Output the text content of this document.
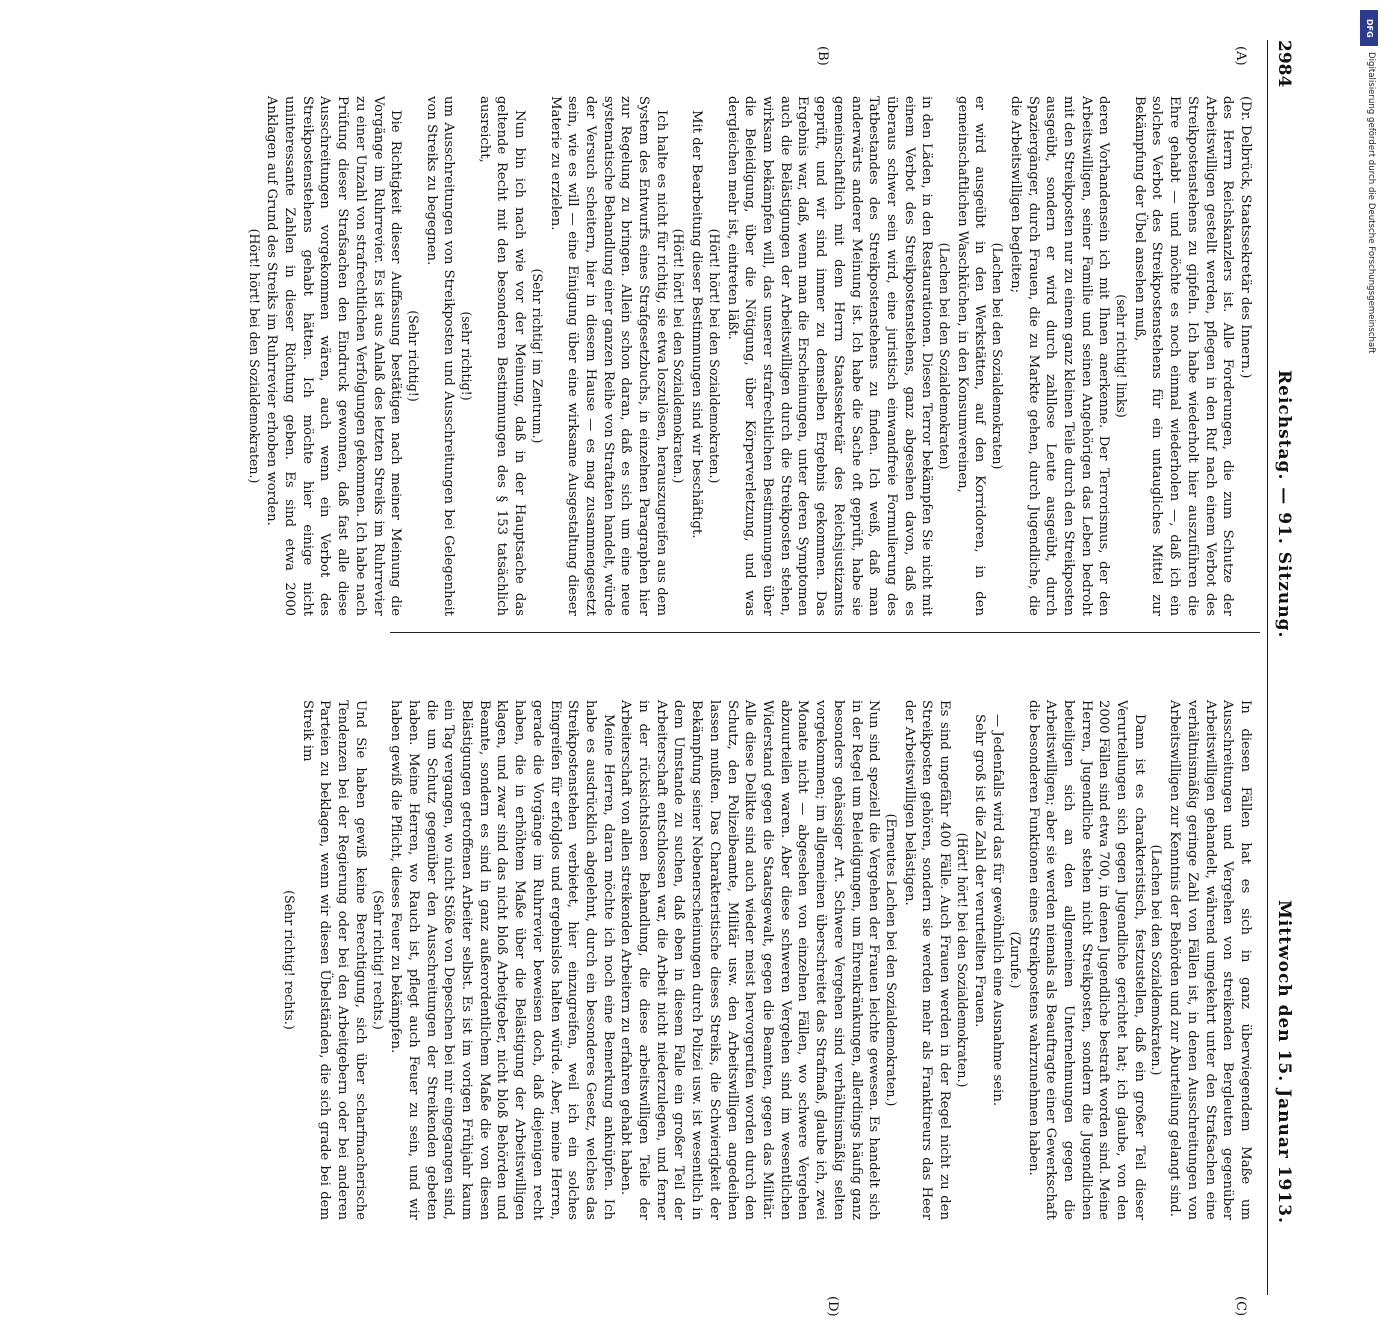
2984
Reichstag. — 91. Sitzung.
Mittwoch den 15. Januar 1913.
(A)
(B)
(C)
(D)

(Dr. Delbrück, Staatssekretär des Innern.)

des Herrn Reichskanzlers ist. Alle Forderungen, die zum Schutze der Arbeitswilligen gestellt werden, pflegen in den Ruf nach einem Verbot des Streikpostenstehens zu gipfeln. Ich habe wiederholt hier auszuführen die Ehre gehabt — und möchte es noch einmal wiederholen —, daß ich ein solches Verbot des Streikpostenstehens für ein untaugliches Mittel zur Bekämpfung der Übel ansehen muß,

(sehr richtig! links)

deren Vorhandensein ich mit Ihnen anerkenne. Der Terrorismus, der den Arbeitswilligen, seiner Familie und seinen Angehörigen das Leben bedroht mit den Streikposten nur zu einem ganz kleinen Teile durch den Streikposten ausgeübt, sondern er wird durch zahllose Leute ausgeübt, durch Spaziergänger, durch Frauen, die zu Markte gehen, durch Jugendliche, die die Arbeitswilligen begleiten;

(Lachen bei den Sozialdemokraten)

er wird ausgeübt in den Werkstätten, auf den Korridoren, in den gemeinschaftlichen Waschküchen, in den Konsumvereinen,

(Lachen bei den Sozialdemokraten)

in den Läden, in den Restaurationen. Diesen Terror bekämpfen Sie nicht mit einem Verbot des Streikpostenstehens, ganz abgesehen davon, daß es überaus schwer sein wird, eine juristisch einwandfreie Formulierung des Tatbestandes des Streikpostenstehens zu finden. Ich weiß, daß man anderwärts anderer Meinung ist. Ich habe die Sache oft geprüft, habe sie gemeinschaftlich mit dem Herrn Staatssekretär des Reichsjustizamts geprüft, und wir sind immer zu demselben Ergebnis gekommen. Das Ergebnis war, daß, wenn man die Erscheinungen, unter deren Symptomen auch die Belästigungen der Arbeitswilligen durch die Streikposten stehen, wirksam bekämpfen will, das unserer strafrechtlichen Bestimmungen über die Beleidigung, über die Nötigung, über Körperverletzung, und was dergleichen mehr ist, eintreten läßt.

(Hört! hört! bei den Sozialdemokraten.)

Mit der Bearbeitung dieser Bestimmungen sind wir beschäftigt.

(Hört! hört! bei den Sozialdemokraten.)

Ich halte es nicht für richtig, sie etwa loszulösen, herauszugreifen aus dem System des Entwurfs eines Strafgesetzbuchs, in einzelnen Paragraphen hier zur Regelung zu bringen. Allein schon daran, daß es sich um eine neue systematische Behandlung einer ganzen Reihe von Straftaten handelt, würde der Versuch scheitern, hier in diesem Hause — es mag zusammengesetzt sein, wie es will — eine Einigung über eine wirksame Ausgestaltung dieser Materie zu erzielen.

(Sehr richtig! im Zentrum.)

Nun bin ich nach wie vor der Meinung, daß in der Hauptsache das geltende Recht mit den besonderen Bestimmungen des § 153 tatsächlich ausreicht,

(sehr richtig!)

um Ausschreitungen von Streikposten und Ausschreitungen bei Gelegenheit von Streiks zu begegnen.

(Sehr richtig!)

Die Richtigkeit dieser Auffassung bestätigen nach meiner Meinung die Vorgänge im Ruhrrevier. Es ist aus Anlaß des letzten Streiks im Ruhrrevier zu einer Unzahl von strafrechtlichen Verfolgungen gekommen. Ich habe nach Prüfung dieser Strafsachen den Eindruck gewonnen, daß fast alle diese Ausschreitungen vorgekommen wären, auch wenn ein Verbot des Streikpostenstehens gehabt hätten. Ich möchte hier einige nicht uninteressante Zahlen in dieser Richtung geben. Es sind etwa 2000 Anklagen auf Grund des Streiks im Ruhrrevier erhoben worden.

(Hört! hört! bei den Sozialdemokraten.)

In diesen Fällen hat es sich in ganz überwiegendem Maße um Ausschreitungen und Vergehen von streikenden Bergleuten gegenüber Arbeitswilligen gehandelt, während umgekehrt unter den Strafsachen eine verhältnismäßig geringe Zahl von Fällen ist, in denen Ausschreitungen von Arbeitswilligen zur Kenntnis der Behörden und zur Aburteilung gelangt sind.

(Lachen bei den Sozialdemokraten.)

Dann ist es charakteristisch, festzustellen, daß ein großer Teil dieser Verurteilungen sich gegen Jugendliche gerichtet hat; ich glaube, von den 2000 Fällen sind etwa 700, in denen Jugendliche bestraft worden sind. Meine Herren, Jugendliche stehen nicht Streikposten, sondern die Jugendlichen beteiligen sich an den allgemeinen Unternehmungen gegen die Arbeitswilligen; aber sie werden niemals als Beauftragte einer Gewerkschaft die besonderen Funktionen eines Streikpostens wahrzunehmen haben.

(Zurufe.)

— Jedenfalls wird das für gewöhnlich eine Ausnahme sein.

Sehr groß ist die Zahl der verurteilten Frauen.

(Hört! hört! bei den Sozialdemokraten.)

Es sind ungefähr 400 Fälle. Auch Frauen werden in der Regel nicht zu den Streikposten gehören, sondern sie werden mehr als Franktireurs das Heer der Arbeitswilligen belästigen.

(Erneutes Lachen bei den Sozialdemokraten.)

Nun sind speziell die Vergehen der Frauen leichte gewesen. Es handelt sich in der Regel um Beleidigungen, um Ehrenkränkungen, allerdings häufig ganz besonders gehässiger Art. Schwere Vergehen sind verhältnismäßig selten vorgekommen; im allgemeinen überschreitet das Strafmaß, glaube ich, zwei Monate nicht — abgesehen von einzelnen Fällen, wo schwere Vergehen abzuurteilen waren. Aber diese schweren Vergehen sind im wesentlichen Widerstand gegen die Staatsgewalt, gegen die Beamten, gegen das Militär. Alle diese Delikte sind auch wieder meist hervorgerufen worden durch den Schutz, den Polizeibeamte, Militär usw. den Arbeitswilligen angedeihen lassen mußten. Das Charakteristische dieses Streiks, die Schwierigkeit der Bekämpfung seiner Nebenerscheinungen durch Polizei usw. ist wesentlich in dem Umstande zu suchen, daß eben in diesem Falle ein großer Teil der Arbeiterschaft entschlossen war, die Arbeit nicht niederzulegen, und ferner in der rücksichtslosen Behandlung, die diese arbeitswilligen Teile der Arbeiterschaft von allen streikenden Arbeitern zu erfahren gehabt haben.

Meine Herren, daran möchte ich noch eine Bemerkung anknüpfen. Ich habe es ausdrücklich abgelehnt, durch ein besonderes Gesetz, welches das Streikpostenstehen verbietet, hier einzugreifen, weil ich ein solches Eingreifen für erfolglos und ergebnislos halten würde. Aber, meine Herren, gerade die Vorgänge im Ruhrrevier beweisen doch, daß diejenigen recht haben, die in erhöhtem Maße über die Belästigung der Arbeitswilligen klagen, und zwar sind das nicht bloß Arbeitgeber, nicht bloß Behörden und Beamte, sondern es sind in ganz außerordentlichem Maße die von diesen Belästigungen getroffenen Arbeiter selbst. Es ist im vorigen Frühjahr kaum ein Tag vergangen, wo nicht Stöße von Depeschen bei mir eingegangen sind, die um Schutz gegenüber den Ausschreitungen der Streikenden gebeten haben. Meine Herren, wo Rauch ist, pflegt auch Feuer zu sein, und wir haben gewiß die Pflicht, dieses Feuer zu bekämpfen.

(Sehr richtig! rechts.)

Und Sie haben gewiß keine Berechtigung, sich über scharfmacherische Tendenzen bei der Regierung oder bei den Arbeitgebern oder bei anderen Parteien zu beklagen, wenn wir diesen Übelständen, die sich grade bei dem Streik im

(Sehr richtig! rechts.)

DFG
Digitalisierung gefördert durch die Deutsche Forschungsgemeinschaft
